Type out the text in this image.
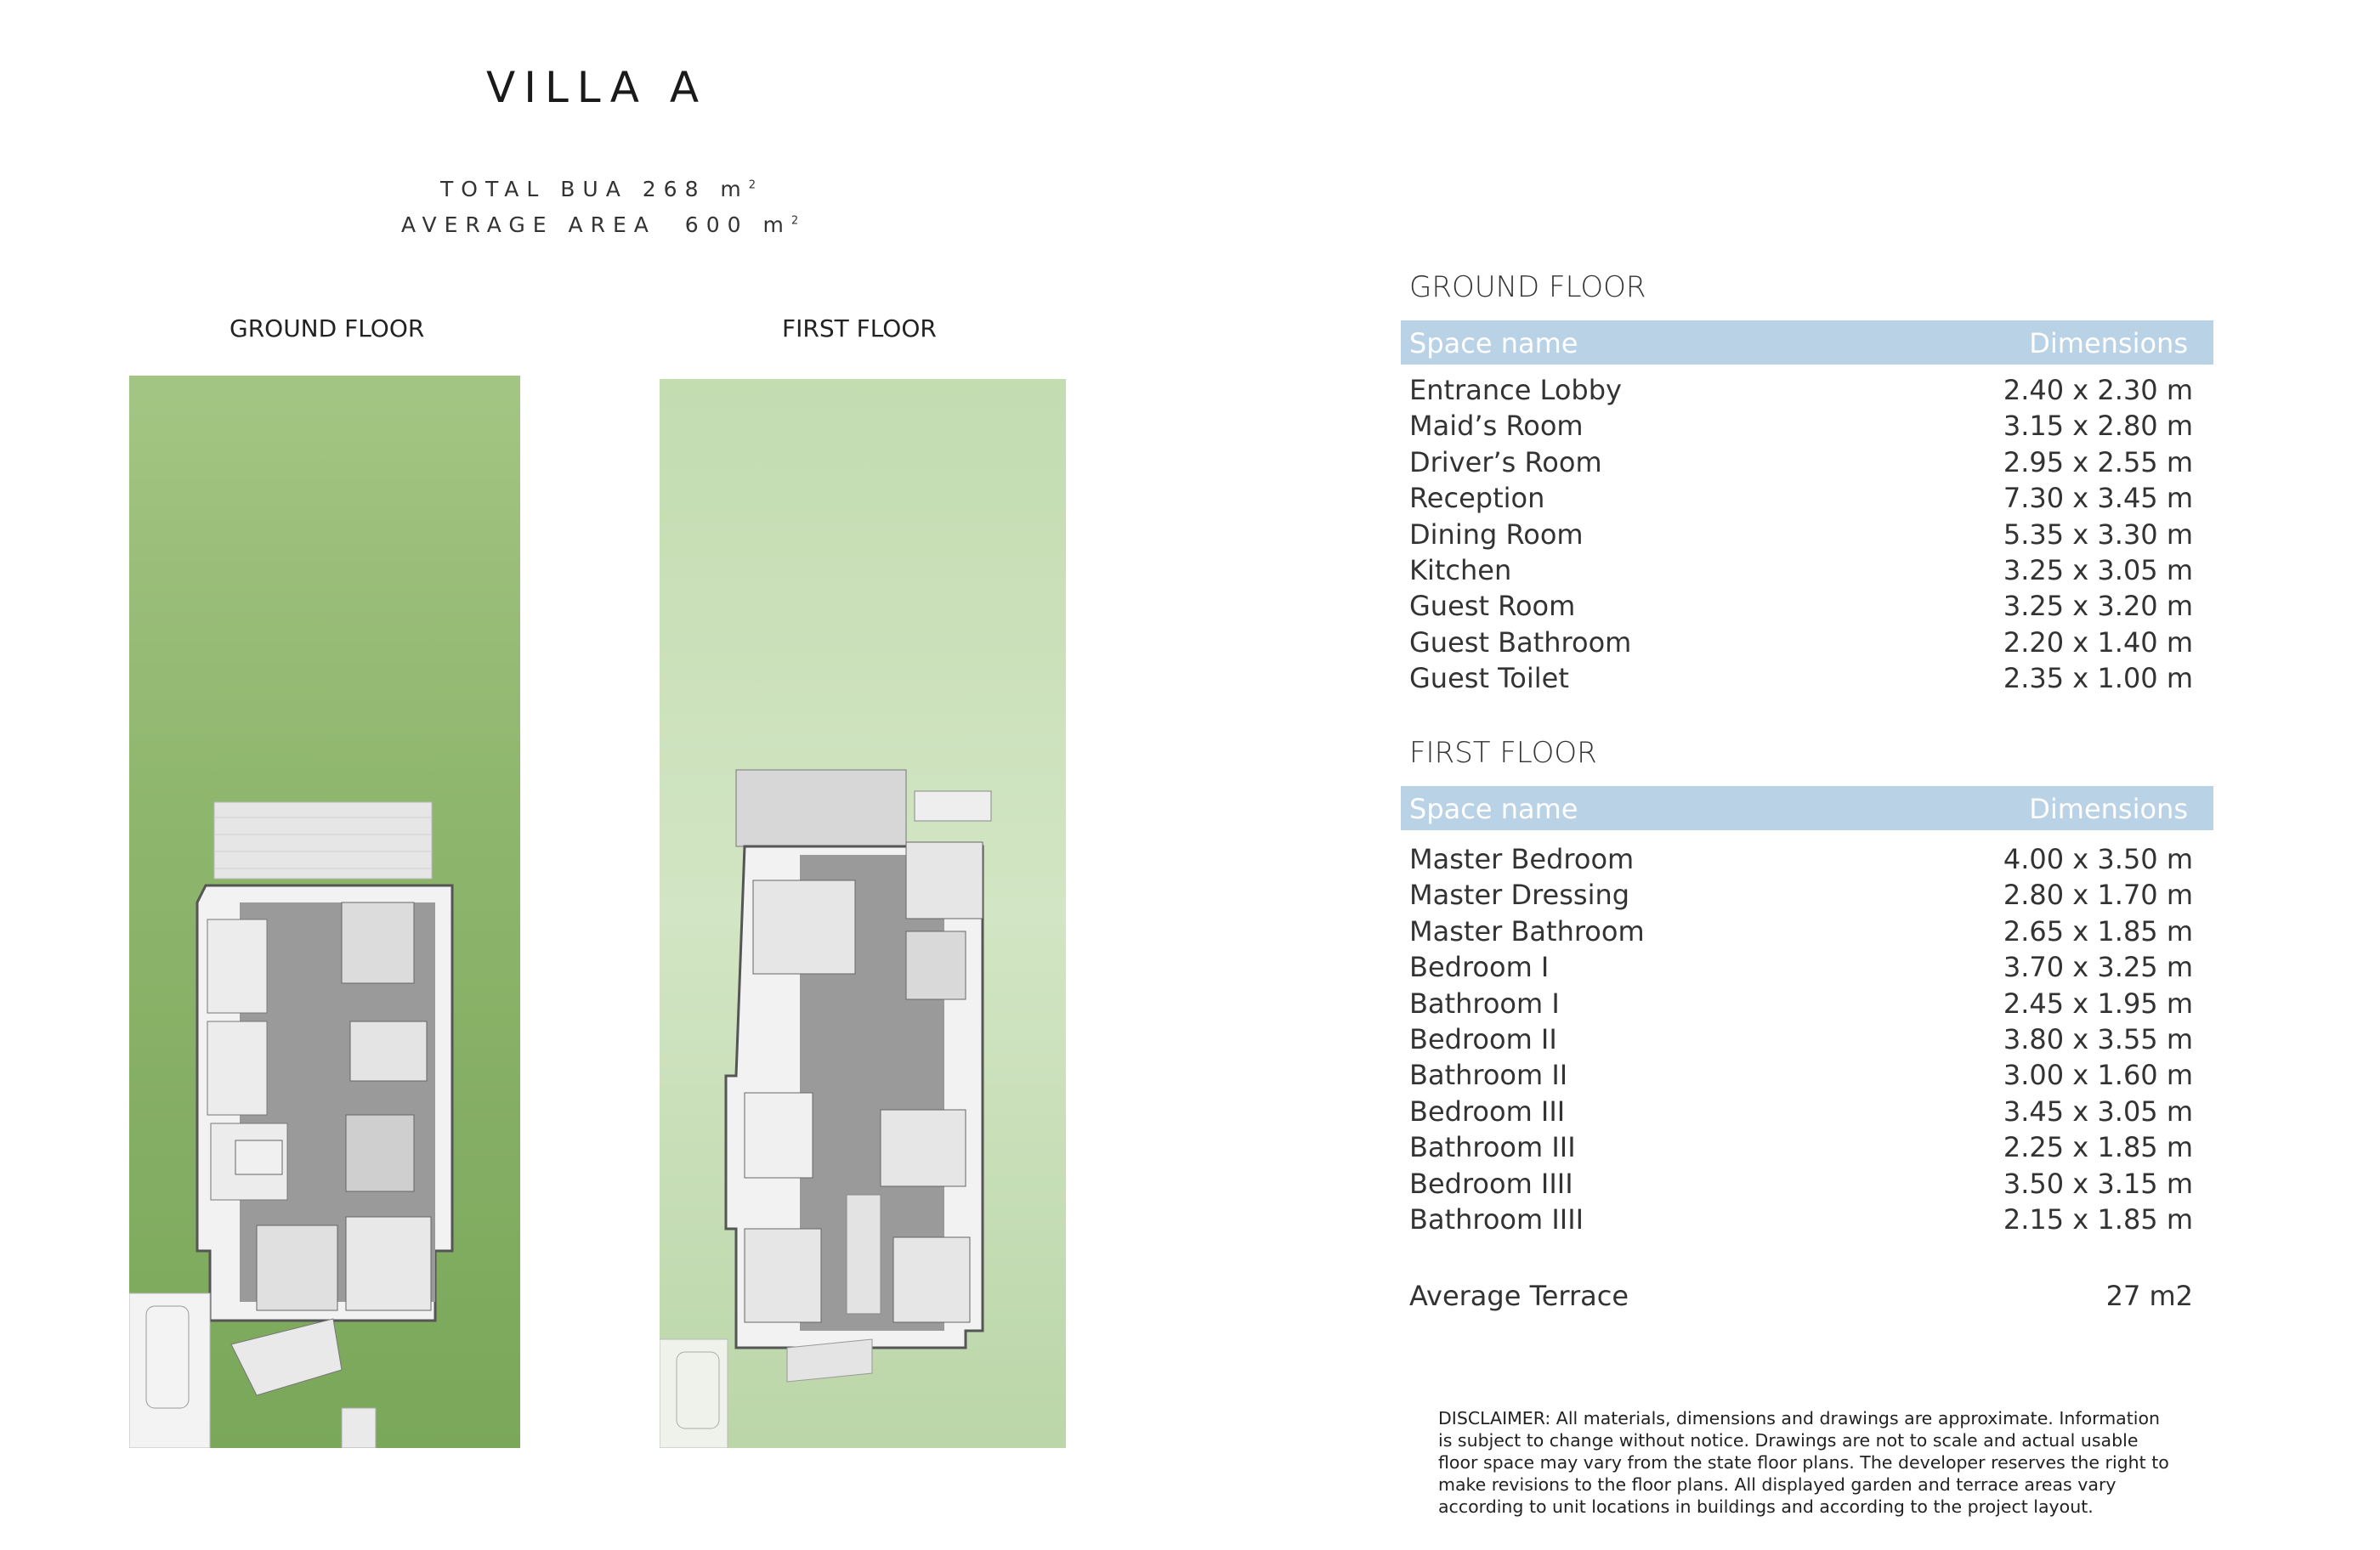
VILLA A
TOTAL BUA 268 $m^2$
AVERAGE AREA  600 $m^2$
GROUND FLOOR	FIRST FLOOR
GROUND FLOOR
Space name	Dimensions
Entrance Lobby	2.40 x 2.30 m
Maid’s Room	3.15 x 2.80 m
Driver’s Room	2.95 x 2.55 m
Reception	7.30 x 3.45 m
Dining Room	5.35 x 3.30 m
Kitchen	3.25 x 3.05 m
Guest Room	3.25 x 3.20 m
Guest Bathroom	2.20 x 1.40 m
Guest Toilet	2.35 x 1.00 m
FIRST FLOOR
Space name	Dimensions
Master Bedroom	4.00 x 3.50 m
Master Dressing	2.80 x 1.70 m
Master Bathroom	2.65 x 1.85 m
Bedroom I	3.70 x 3.25 m
Bathroom I	2.45 x 1.95 m
Bedroom II	3.80 x 3.55 m
Bathroom II	3.00 x 1.60 m
Bedroom III	3.45 x 3.05 m
Bathroom III	2.25 x 1.85 m
Bedroom IIII	3.50 x 3.15 m
Bathroom IIII	2.15 x 1.85 m
Average Terrace	27 m2
DISCLAIMER: All materials, dimensions and drawings are approximate. Information is subject to change without notice. Drawings are not to scale and actual usable floor space may vary from the state floor plans. The developer reserves the right to make revisions to the floor plans. All displayed garden and terrace areas vary according to unit locations in buildings and according to the project layout.
